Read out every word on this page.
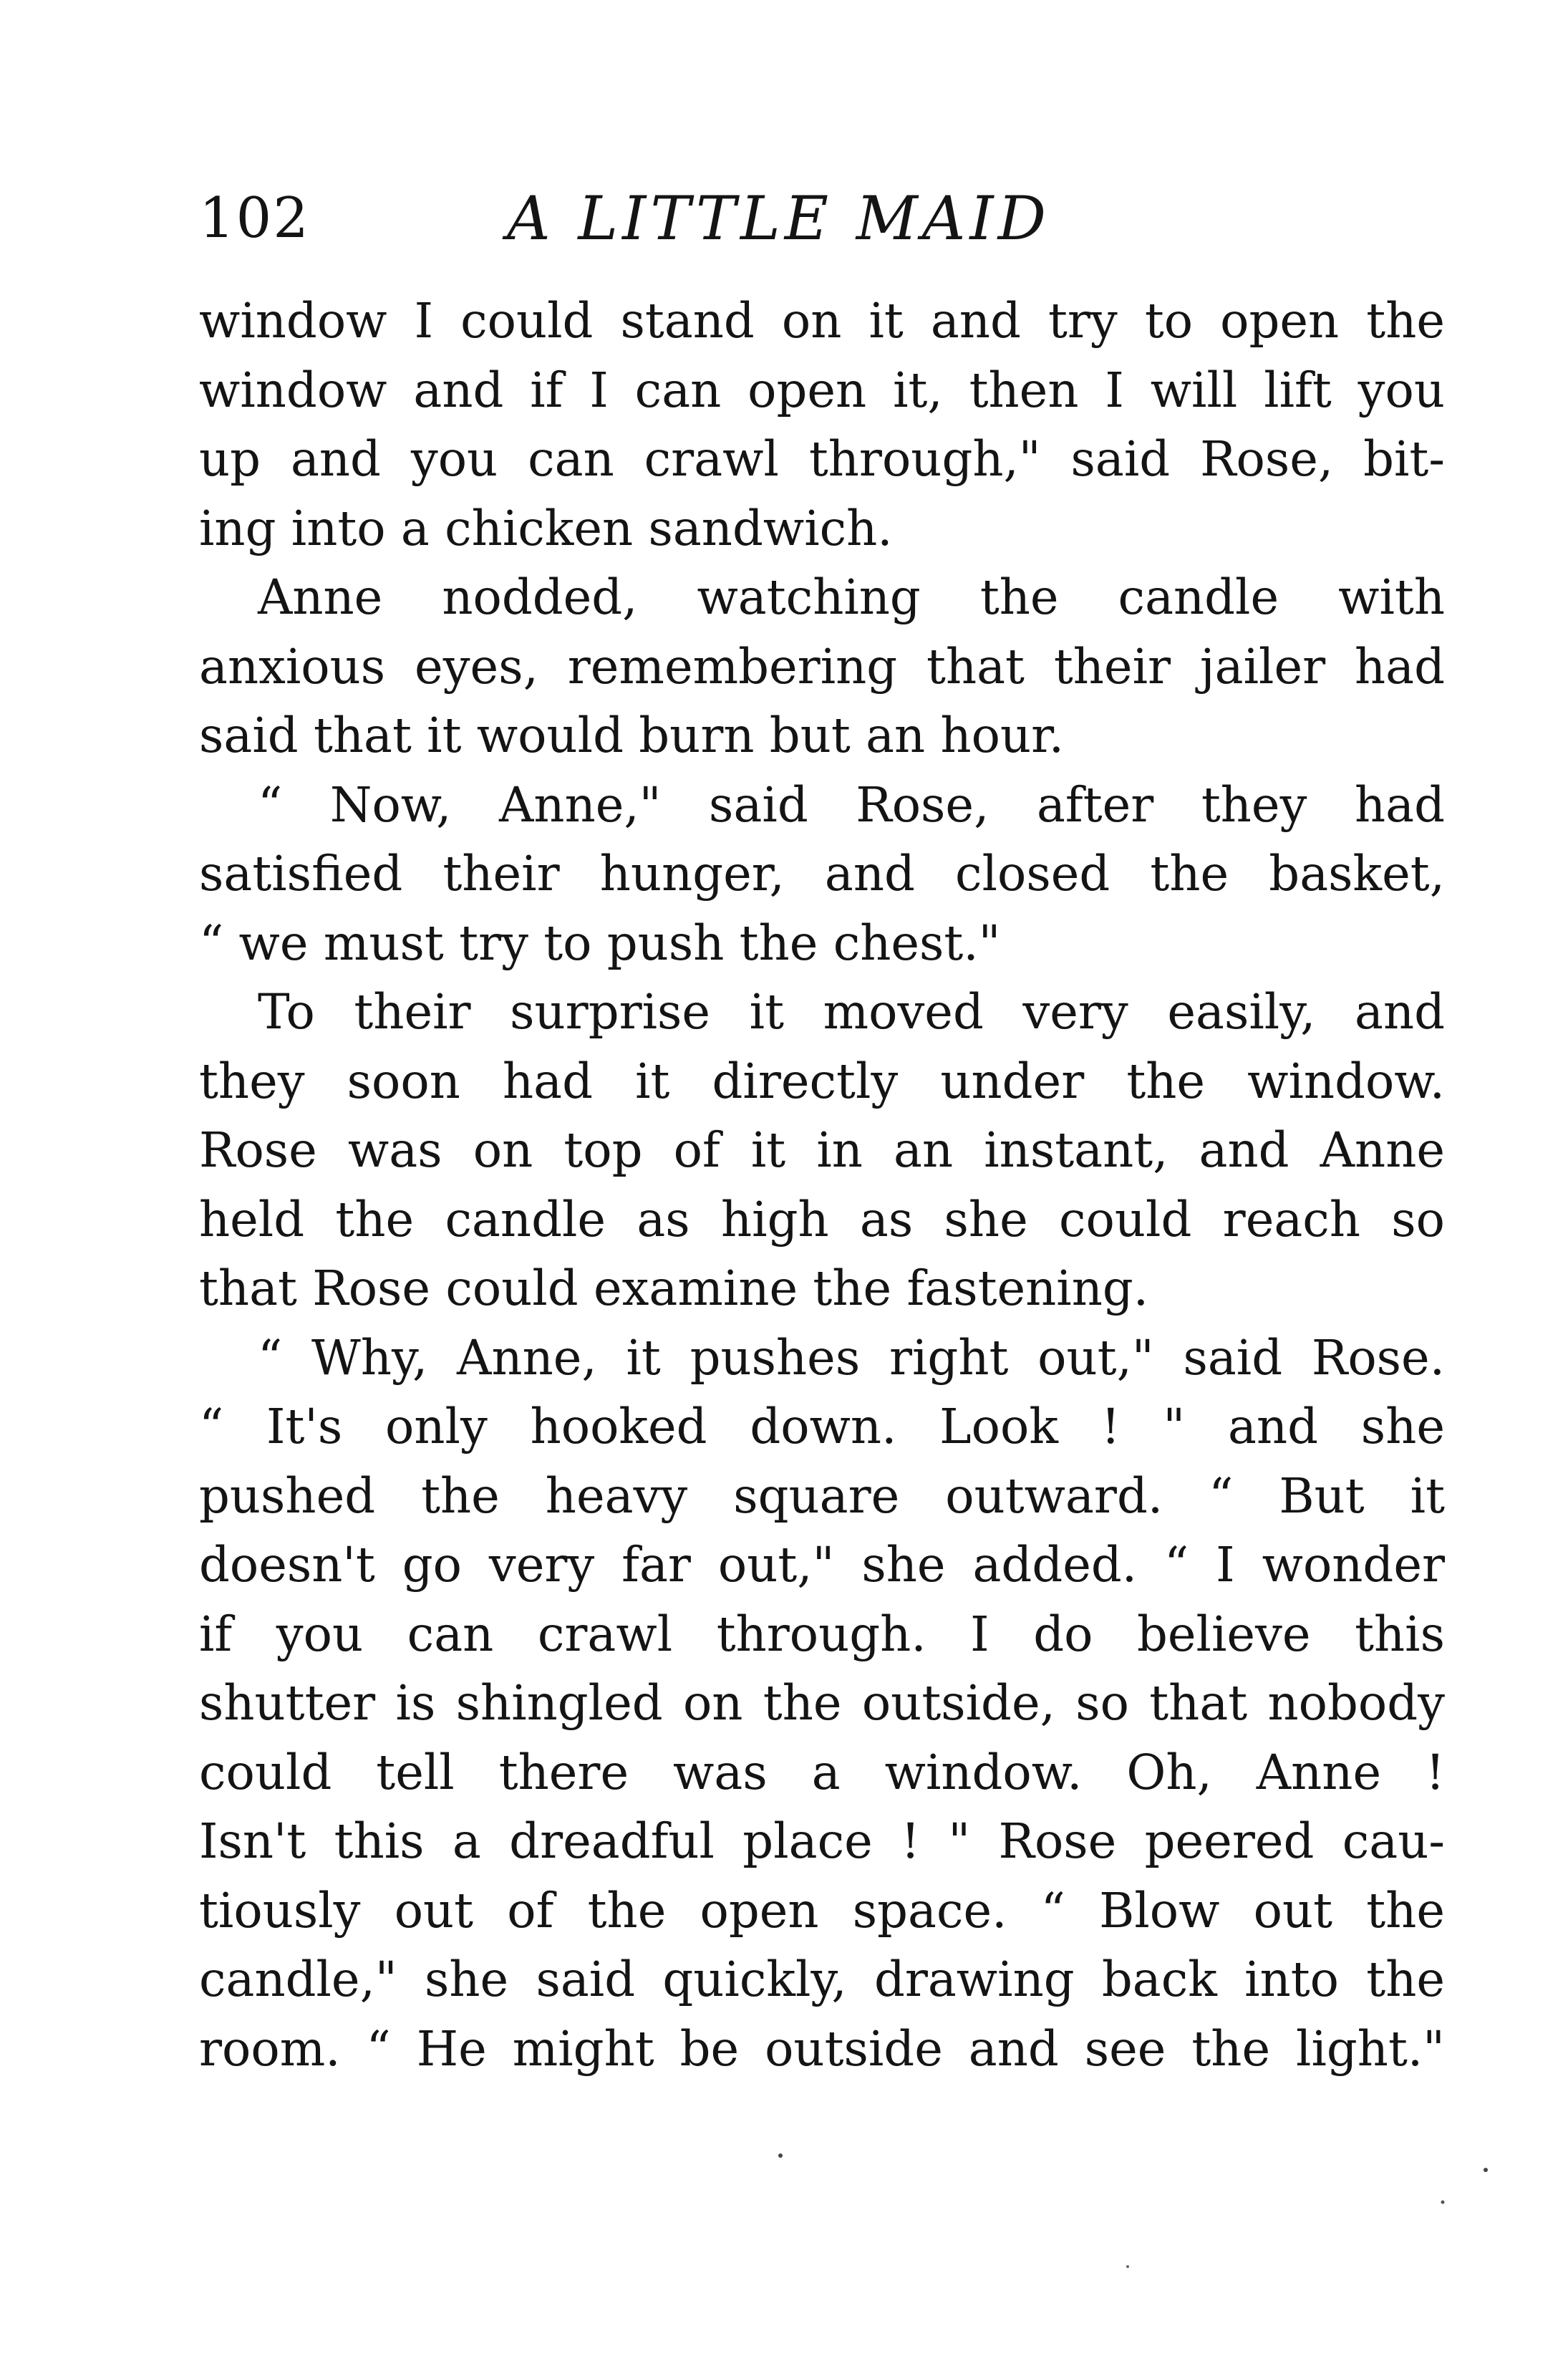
102	A LITTLE MAID
window I could stand on it and try to open the
window and if I can open it, then I will lift you
up and you can crawl through," said Rose, bit-
ing into a chicken sandwich.
Anne nodded, watching the candle with
anxious eyes, remembering that their jailer had
said that it would burn but an hour.
“ Now, Anne," said Rose, after they had
satisfied their hunger, and closed the basket,
“ we must try to push the chest."
To their surprise it moved very easily, and
they soon had it directly under the window.
Rose was on top of it in an instant, and Anne
held the candle as high as she could reach so
that Rose could examine the fastening.
“ Why, Anne, it pushes right out," said Rose.
“ It's only hooked down. Look ! " and she
pushed the heavy square outward. “ But it
doesn't go very far out," she added. “ I wonder
if you can crawl through. I do believe this
shutter is shingled on the outside, so that nobody
could tell there was a window. Oh, Anne !
Isn't this a dreadful place ! " Rose peered cau-
tiously out of the open space. “ Blow out the
candle," she said quickly, drawing back into the
room. “ He might be outside and see the light."
